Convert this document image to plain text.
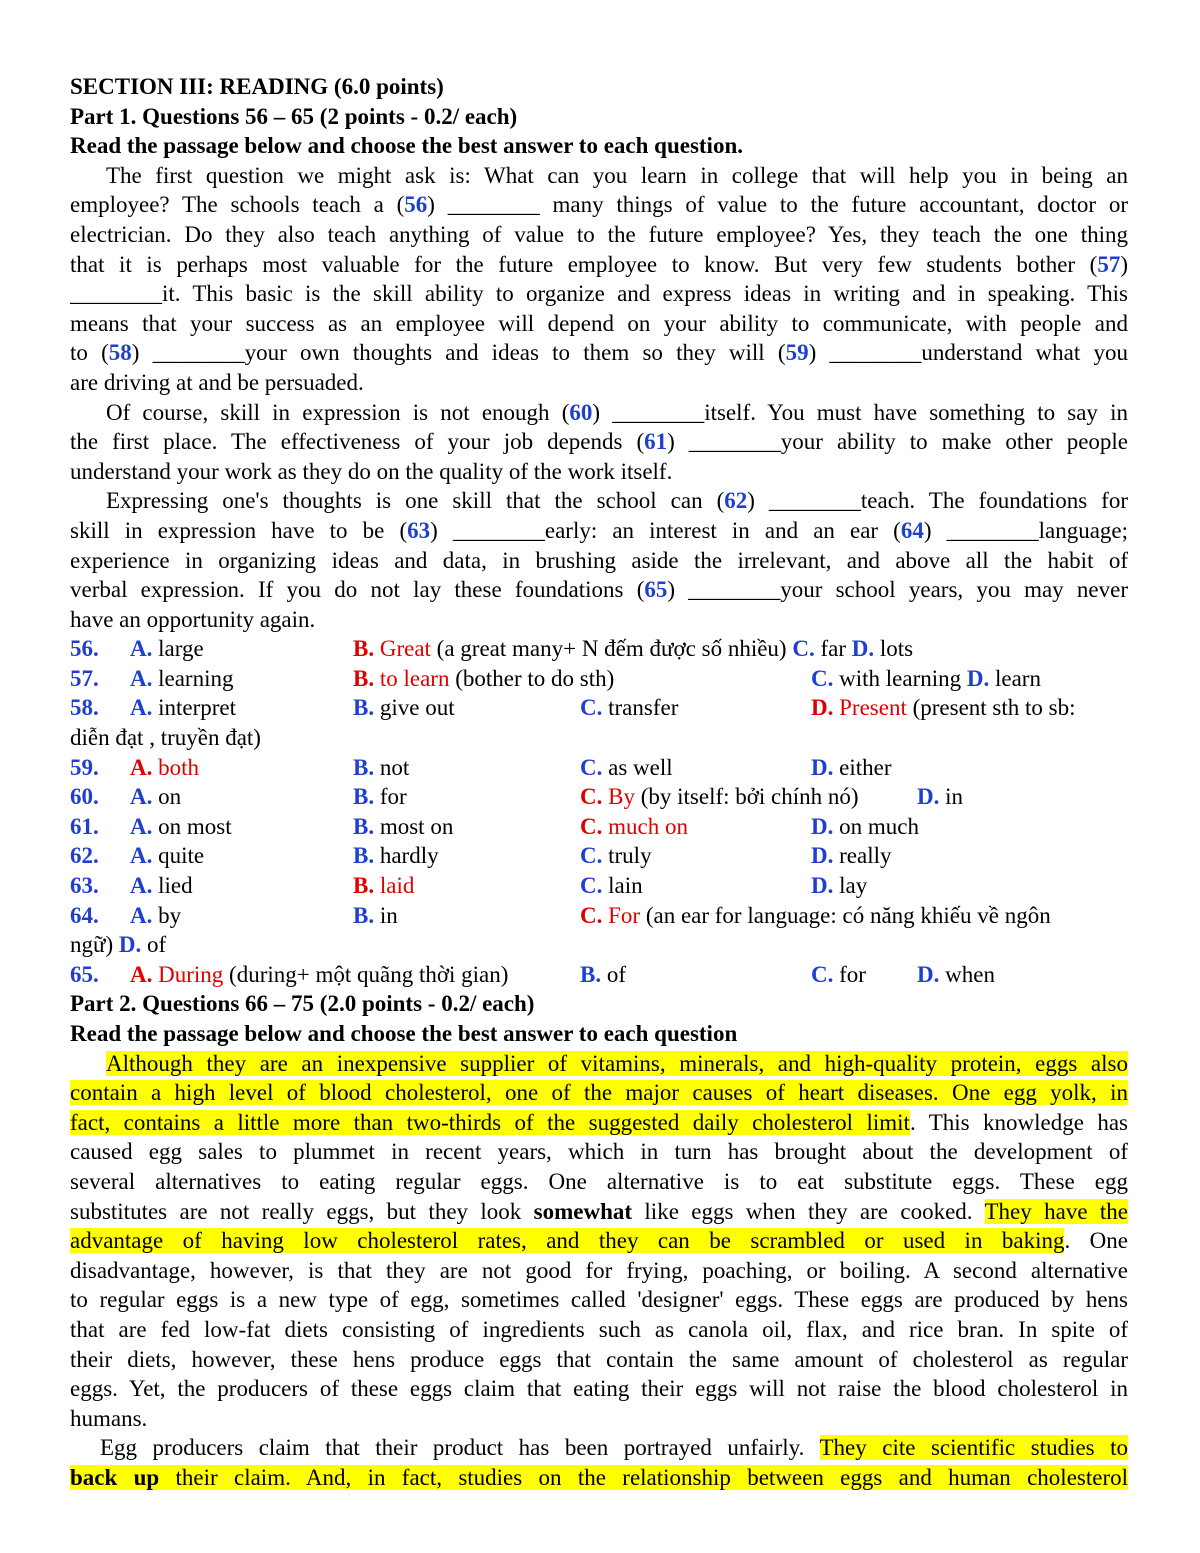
SECTION III: READING (6.0 points)
Part 1. Questions 56 – 65 (2 points - 0.2/ each)
Read the passage below and choose the best answer to each question.
The first question we might ask is: What can you learn in college that will help you in being an
employee? The schools teach a (56) ________ many things of value to the future accountant, doctor or
electrician. Do they also teach anything of value to the future employee? Yes, they teach the one thing
that it is perhaps most valuable for the future employee to know. But very few students bother (57)
________it. This basic is the skill ability to organize and express ideas in writing and in speaking. This
means that your success as an employee will depend on your ability to communicate, with people and
to (58) ________your own thoughts and ideas to them so they will (59) ________understand what you
are driving at and be persuaded.
Of course, skill in expression is not enough (60) ________itself. You must have something to say in
the first place. The effectiveness of your job depends (61) ________your ability to make other people
understand your work as they do on the quality of the work itself.
Expressing one's thoughts is one skill that the school can (62) ________teach. The foundations for
skill in expression have to be (63) ________early: an interest in and an ear (64) ________language;
experience in organizing ideas and data, in brushing aside the irrelevant, and above all the habit of
verbal expression. If you do not lay these foundations (65) ________your school years, you may never
have an opportunity again.
56. A. large	B. Great (a great many+ N đếm được số nhiều) C. far D. lots
57. A. learning	B. to learn (bother to do sth)	C. with learning D. learn
58. A. interpret	B. give out	C. transfer	D. Present (present sth to sb:
diễn đạt , truyền đạt)
59. A. both	B. not	C. as well	D. either
60. A. on	B. for	C. By (by itself: bởi chính nó)	D. in
61. A. on most	B. most on	C. much on	D. on much
62. A. quite	B. hardly	C. truly	D. really
63. A. lied	B. laid	C. lain	D. lay
64. A. by	B. in	C. For (an ear for language: có năng khiếu về ngôn
ngữ) D. of
65. A. During (during+ một quãng thời gian)	B. of	C. for D. when
Part 2. Questions 66 – 75 (2.0 points - 0.2/ each)
Read the passage below and choose the best answer to each question
Although they are an inexpensive supplier of vitamins, minerals, and high-quality protein, eggs also
contain a high level of blood cholesterol, one of the major causes of heart diseases. One egg yolk, in
fact, contains a little more than two-thirds of the suggested daily cholesterol limit. This knowledge has
caused egg sales to plummet in recent years, which in turn has brought about the development of
several alternatives to eating regular eggs. One alternative is to eat substitute eggs. These egg
substitutes are not really eggs, but they look somewhat like eggs when they are cooked. They have the
advantage of having low cholesterol rates, and they can be scrambled or used in baking. One
disadvantage, however, is that they are not good for frying, poaching, or boiling. A second alternative
to regular eggs is a new type of egg, sometimes called 'designer' eggs. These eggs are produced by hens
that are fed low-fat diets consisting of ingredients such as canola oil, flax, and rice bran. In spite of
their diets, however, these hens produce eggs that contain the same amount of cholesterol as regular
eggs. Yet, the producers of these eggs claim that eating their eggs will not raise the blood cholesterol in
humans.
Egg producers claim that their product has been portrayed unfairly. They cite scientific studies to
back up their claim. And, in fact, studies on the relationship between eggs and human cholesterol
